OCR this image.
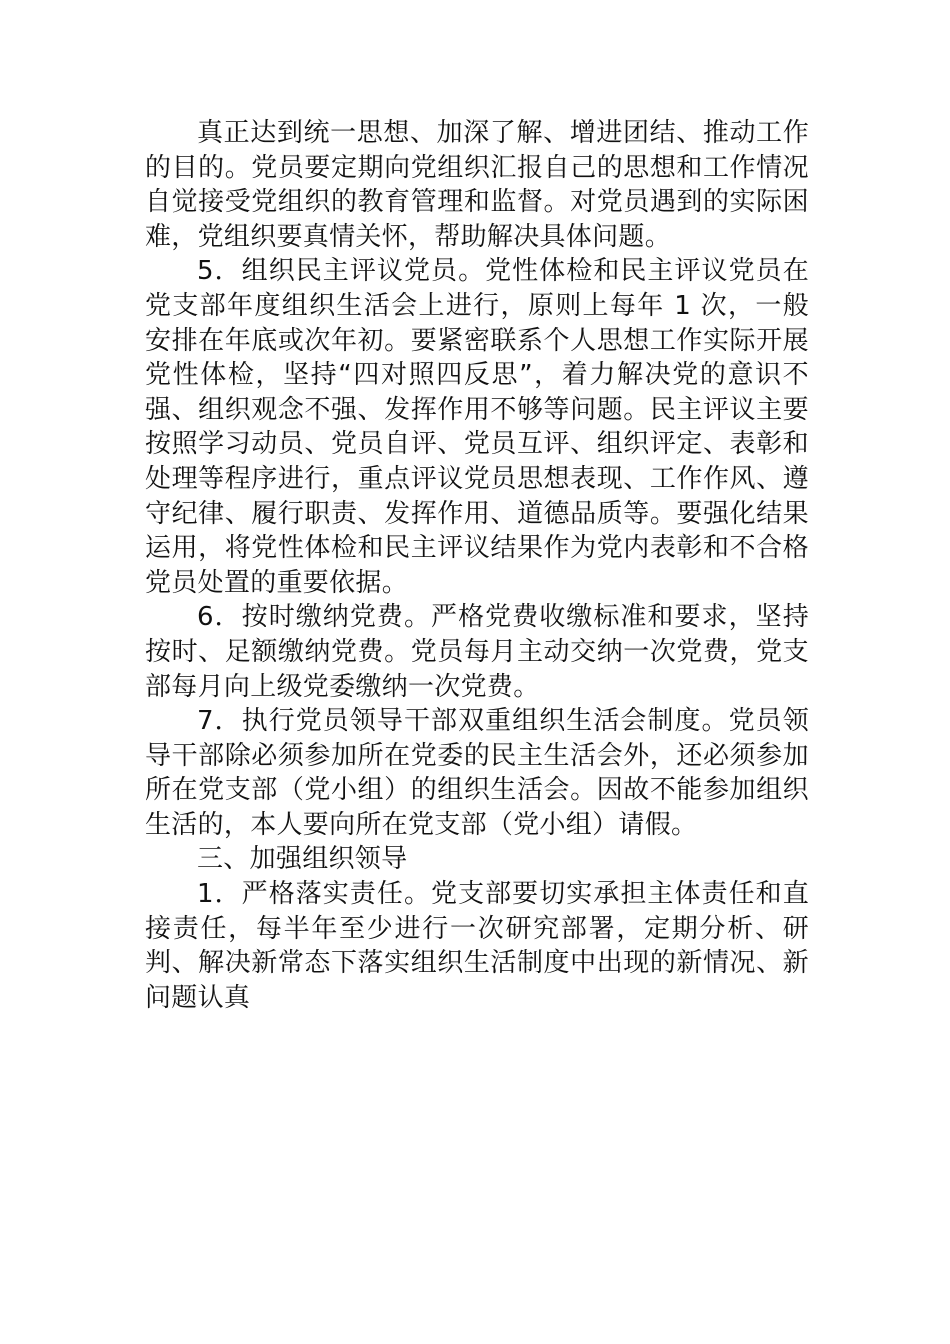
真正达到统一思想、加深了解、增进团结、推动工作的目的。党员要定期向党组织汇报自己的思想和工作情况自觉接受党组织的教育管理和监督。对党员遇到的实际困难，党组织要真情关怀，帮助解决具体问题。

5．组织民主评议党员。党性体检和民主评议党员在党支部年度组织生活会上进行，原则上每年 1 次，一般安排在年底或次年初。要紧密联系个人思想工作实际开展党性体检，坚持“四对照四反思”，着力解决党的意识不强、组织观念不强、发挥作用不够等问题。民主评议主要按照学习动员、党员自评、党员互评、组织评定、表彰和处理等程序进行，重点评议党员思想表现、工作作风、遵守纪律、履行职责、发挥作用、道德品质等。要强化结果运用，将党性体检和民主评议结果作为党内表彰和不合格党员处置的重要依据。

6．按时缴纳党费。严格党费收缴标准和要求，坚持按时、足额缴纳党费。党员每月主动交纳一次党费，党支部每月向上级党委缴纳一次党费。

7．执行党员领导干部双重组织生活会制度。党员领导干部除必须参加所在党委的民主生活会外，还必须参加所在党支部（党小组）的组织生活会。因故不能参加组织生活的，本人要向所在党支部（党小组）请假。

三、加强组织领导

1．严格落实责任。党支部要切实承担主体责任和直接责任，每半年至少进行一次研究部署，定期分析、研判、解决新常态下落实组织生活制度中出现的新情况、新问题认真
